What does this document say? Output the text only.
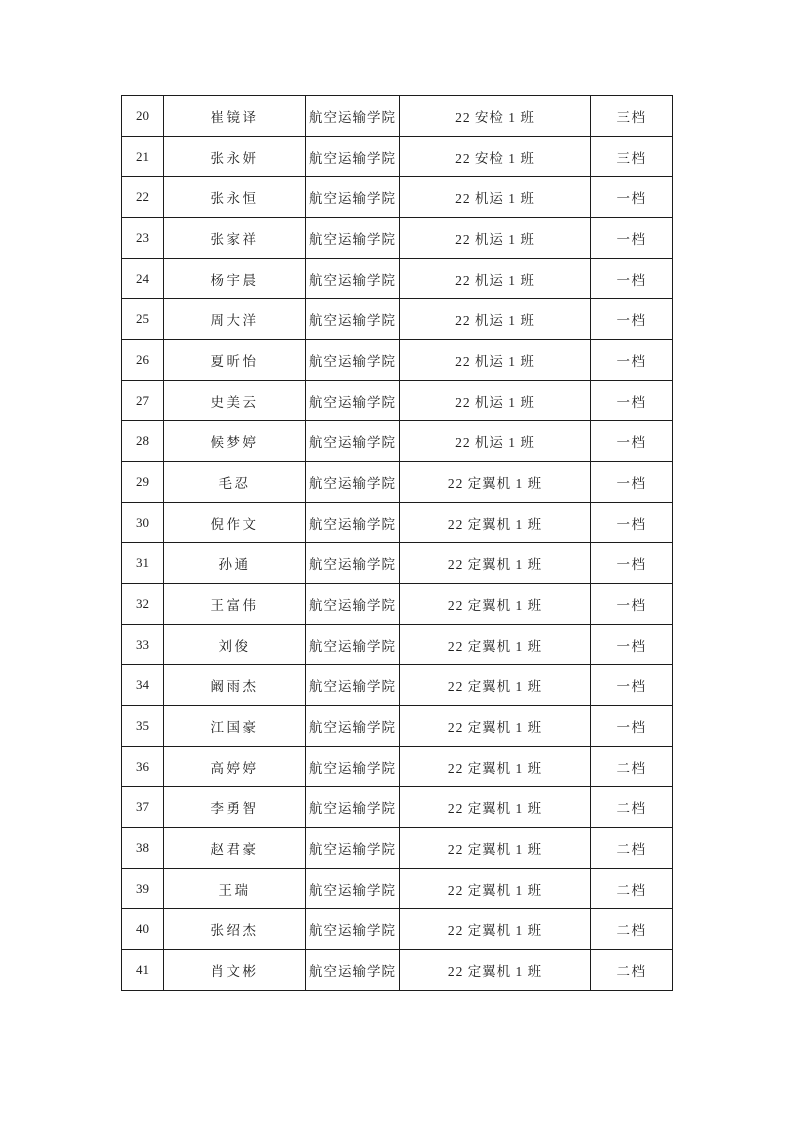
20	崔镜译	航空运输学院	22 安检 1 班	三档
21	张永妍	航空运输学院	22 安检 1 班	三档
22	张永恒	航空运输学院	22 机运 1 班	一档
23	张家祥	航空运输学院	22 机运 1 班	一档
24	杨宇晨	航空运输学院	22 机运 1 班	一档
25	周大洋	航空运输学院	22 机运 1 班	一档
26	夏昕怡	航空运输学院	22 机运 1 班	一档
27	史美云	航空运输学院	22 机运 1 班	一档
28	候梦婷	航空运输学院	22 机运 1 班	一档
29	毛忍	航空运输学院	22 定翼机 1 班	一档
30	倪作文	航空运输学院	22 定翼机 1 班	一档
31	孙通	航空运输学院	22 定翼机 1 班	一档
32	王富伟	航空运输学院	22 定翼机 1 班	一档
33	刘俊	航空运输学院	22 定翼机 1 班	一档
34	阚雨杰	航空运输学院	22 定翼机 1 班	一档
35	江国豪	航空运输学院	22 定翼机 1 班	一档
36	高婷婷	航空运输学院	22 定翼机 1 班	二档
37	李勇智	航空运输学院	22 定翼机 1 班	二档
38	赵君豪	航空运输学院	22 定翼机 1 班	二档
39	王瑞	航空运输学院	22 定翼机 1 班	二档
40	张绍杰	航空运输学院	22 定翼机 1 班	二档
41	肖文彬	航空运输学院	22 定翼机 1 班	二档
